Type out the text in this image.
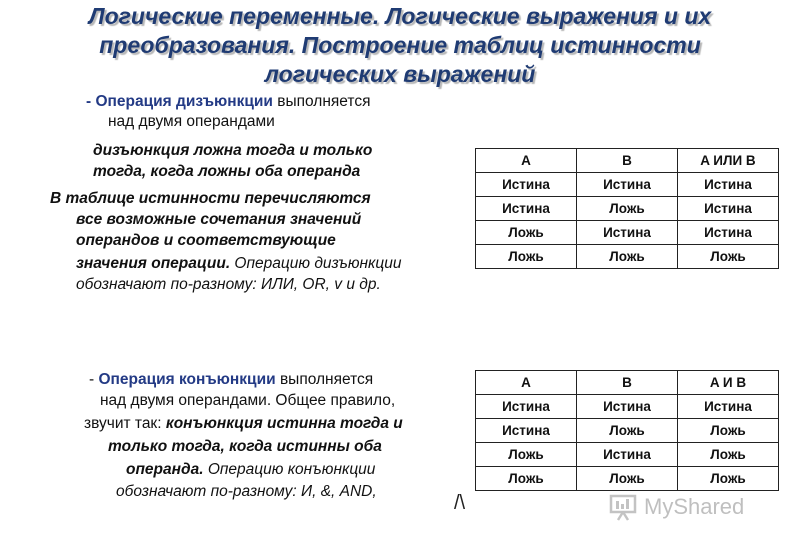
Логические переменные. Логические выражения и их
преобразования. Построение таблиц истинности
логических выражений
- Операция дизъюнкции выполняется
над двумя операндами
дизъюнкция ложна тогда и только
тогда, когда ложны оба операнда
В таблице истинности перечисляются
все возможные сочетания значений
операндов и соответствующие
значения операции. Операцию дизъюнкции
обозначают по-разному: ИЛИ, OR, v и др.
A	B	A ИЛИ B
Истина	Истина	Истина
Истина	Ложь	Истина
Ложь	Истина	Истина
Ложь	Ложь	Ложь
- Операция конъюнкции выполняется
над двумя операндами. Общее правило,
звучит так: конъюнкция истинна тогда и
только тогда, когда истинны оба
операнда. Операцию конъюнкции
обозначают по-разному: И, &, AND,
/\
A	B	A И B
Истина	Истина	Истина
Истина	Ложь	Ложь
Ложь	Истина	Ложь
Ложь	Ложь	Ложь
MyShared
